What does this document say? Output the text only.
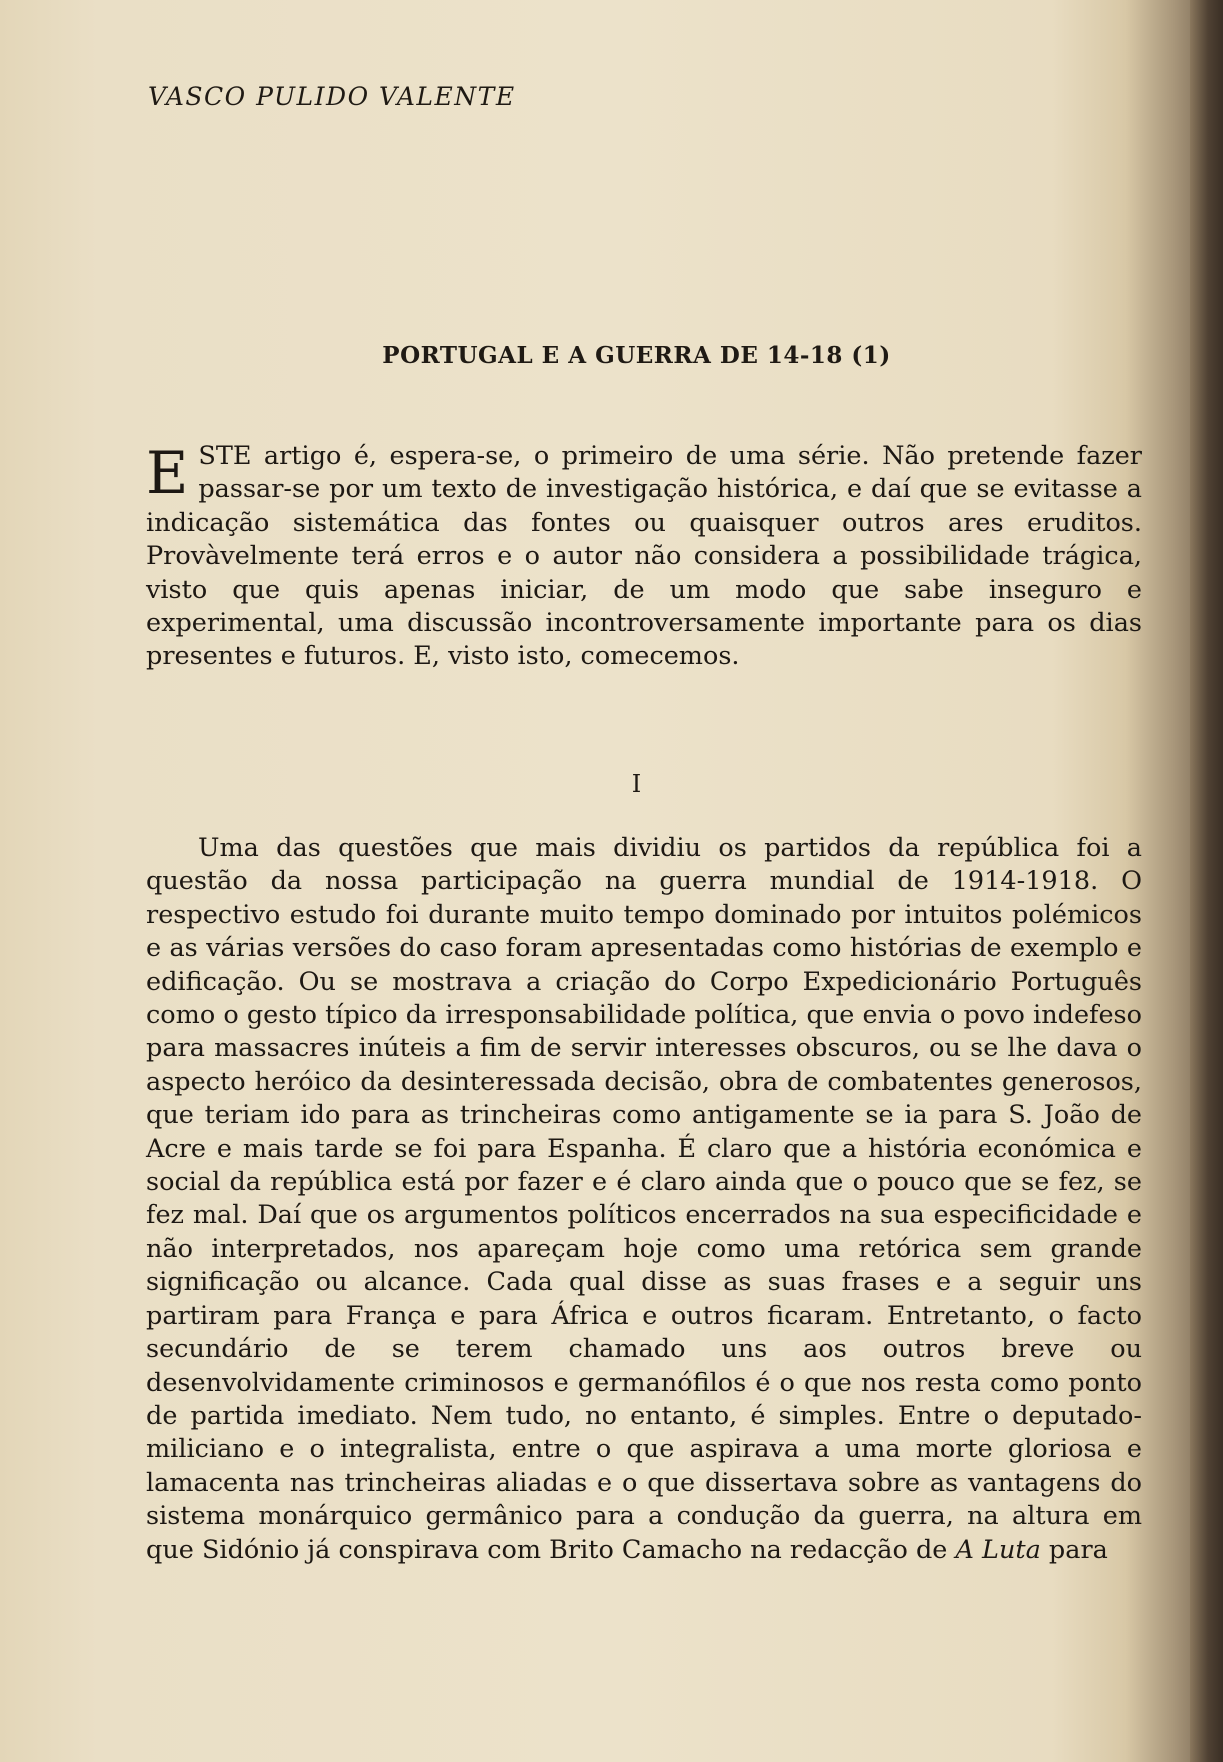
VASCO PULIDO VALENTE
PORTUGAL E A GUERRA DE 14-18 (1)
ESTE artigo é, espera-se, o primeiro de uma série. Não pretende fazer passar-se por um texto de investigação histórica, e daí que se evitasse a indicação sistemática das fontes ou quaisquer outros ares eruditos. Provàvelmente terá erros e o autor não considera a possibilidade trágica, visto que quis apenas iniciar, de um modo que sabe inseguro e experimental, uma discussão incontroversamente importante para os dias presentes e futuros. E, visto isto, comecemos.
I
Uma das questões que mais dividiu os partidos da república foi a questão da nossa participação na guerra mundial de 1914-1918. O respectivo estudo foi durante muito tempo dominado por intuitos polémicos e as várias versões do caso foram apresentadas como histórias de exemplo e edificação. Ou se mostrava a criação do Corpo Expedicionário Português como o gesto típico da irresponsabilidade política, que envia o povo indefeso para massacres inúteis a fim de servir interesses obscuros, ou se lhe dava o aspecto heróico da desinteressada decisão, obra de combatentes generosos, que teriam ido para as trincheiras como antigamente se ia para S. João de Acre e mais tarde se foi para Espanha. É claro que a história económica e social da república está por fazer e é claro ainda que o pouco que se fez, se fez mal. Daí que os argumentos políticos encerrados na sua especificidade e não interpretados, nos apareçam hoje como uma retórica sem grande significação ou alcance. Cada qual disse as suas frases e a seguir uns partiram para França e para África e outros ficaram. Entretanto, o facto secundário de se terem chamado uns aos outros breve ou desenvolvidamente criminosos e germanófilos é o que nos resta como ponto de partida imediato. Nem tudo, no entanto, é simples. Entre o deputado-miliciano e o integralista, entre o que aspirava a uma morte gloriosa e lamacenta nas trincheiras aliadas e o que dissertava sobre as vantagens do sistema monárquico germânico para a condução da guerra, na altura em que Sidónio já conspirava com Brito Camacho na redacção de A Luta para
